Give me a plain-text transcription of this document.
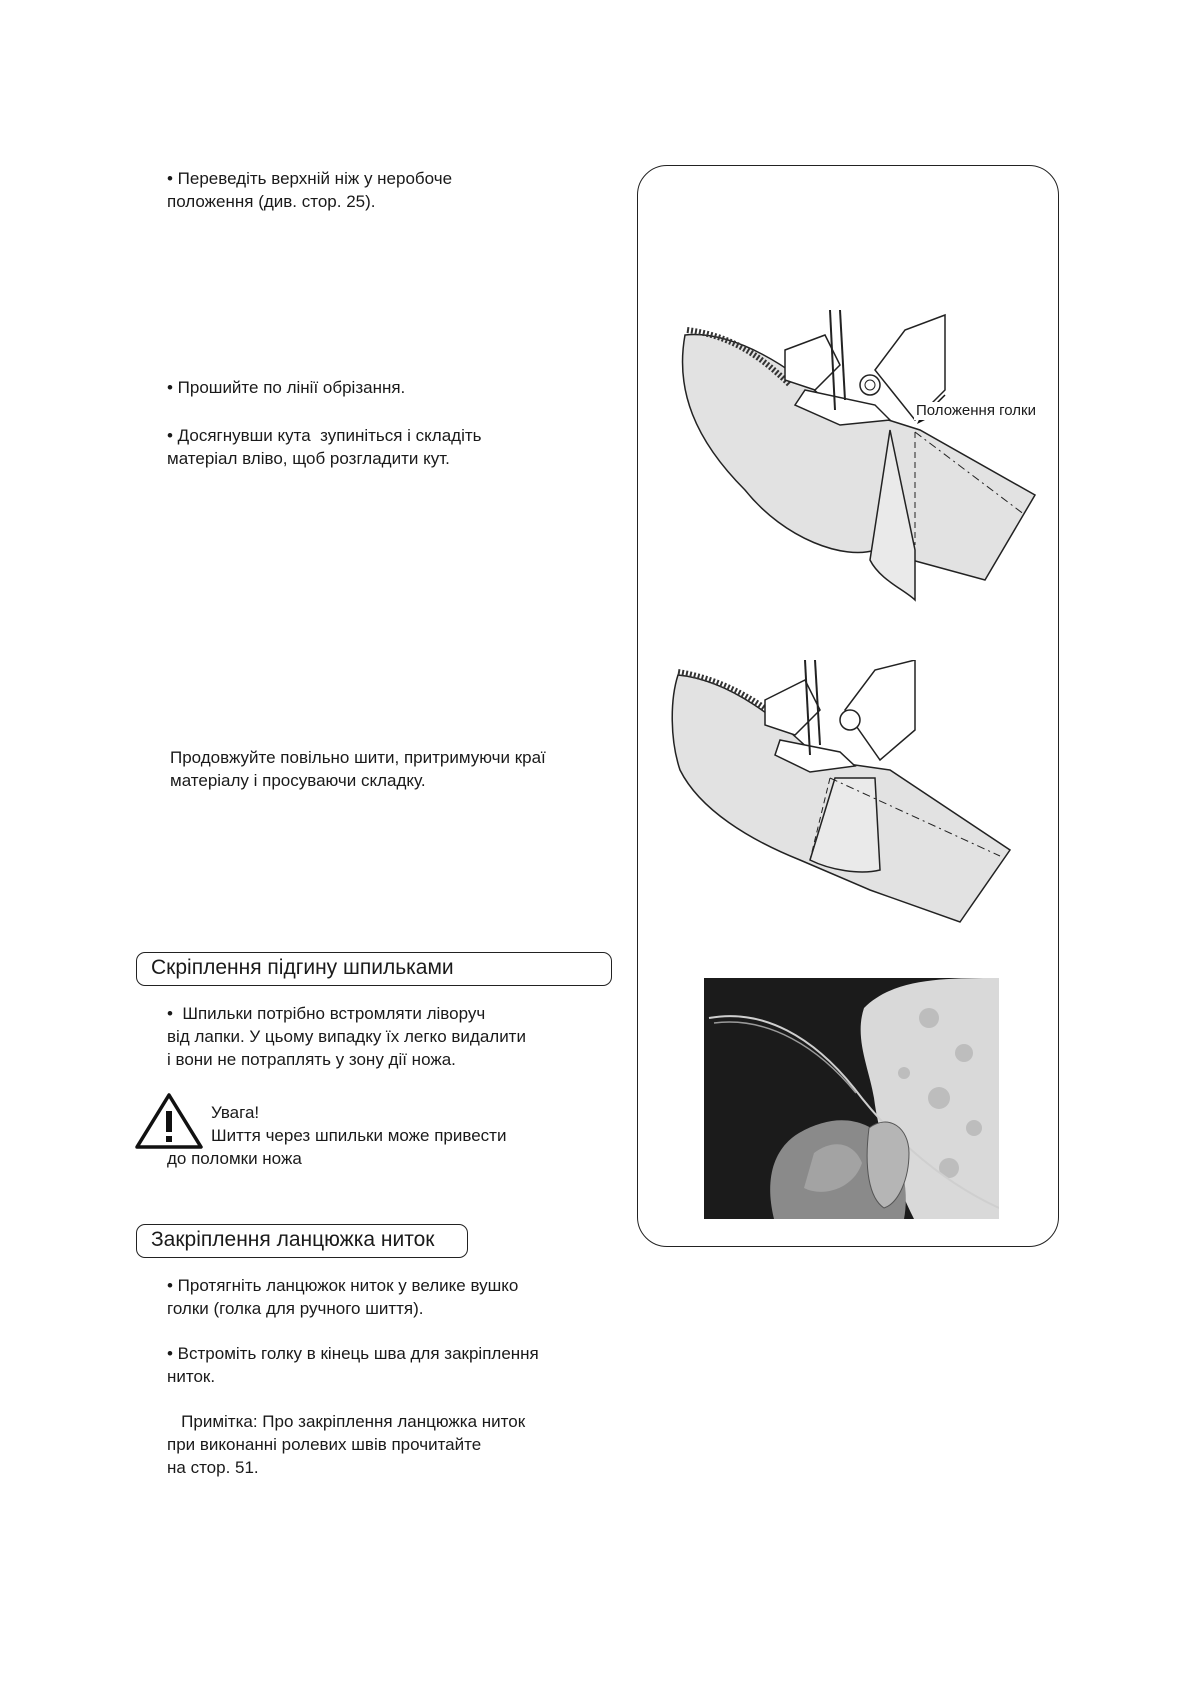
• Переведіть верхній ніж у неробоче
положення (див. стор. 25).

• Прошийте по лінії обрізання.

• Досягнувши кута  зупиніться і складіть
матеріал вліво, щоб розгладити кут.

Продовжуйте повільно шити, притримуючи краї
матеріалу і просуваючи складку.

Скріплення підгину шпильками

•  Шпильки потрібно встромляти ліворуч
від лапки. У цьому випадку їх легко видалити
і вони не потраплять у зону дії ножа.

Увага!

Шиття через шпильки може привести

до поломки ножа

Закріплення ланцюжка ниток

• Протягніть ланцюжок ниток у велике вушко
голки (голка для ручного шиття).

• Встроміть голку в кінець шва для закріплення
ниток.

Примітка: Про закріплення ланцюжка ниток
при виконанні ролевих швів прочитайте
на стор. 51.

Положення голки
